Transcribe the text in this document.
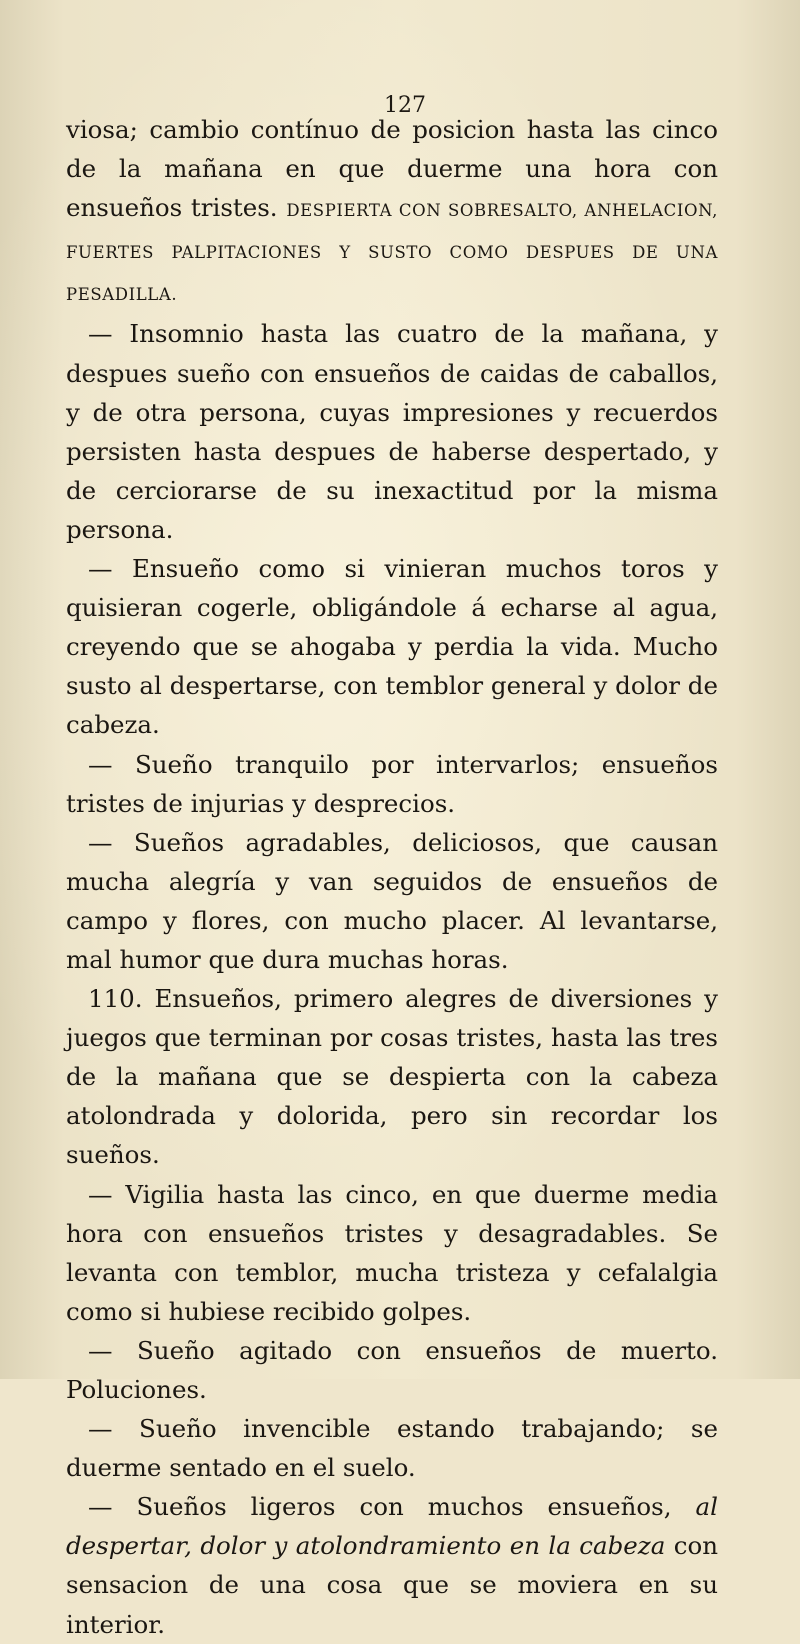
127

viosa; cambio contínuo de posicion hasta las cinco de la mañana en que duerme una hora con ensueños tristes. DESPIERTA CON SOBRESALTO, ANHELACION, FUERTES PALPITACIONES Y SUSTO COMO DESPUES DE UNA PESADILLA.

— Insomnio hasta las cuatro de la mañana, y despues sueño con ensueños de caidas de caballos, y de otra persona, cuyas impresiones y recuerdos persisten hasta despues de haberse despertado, y de cerciorarse de su inexactitud por la misma persona.

— Ensueño como si vinieran muchos toros y quisieran cogerle, obligándole á echarse al agua, creyendo que se ahogaba y perdia la vida. Mucho susto al despertarse, con temblor general y dolor de cabeza.

— Sueño tranquilo por intervarlos; ensueños tristes de injurias y desprecios.

— Sueños agradables, deliciosos, que causan mucha alegría y van seguidos de ensueños de campo y flores, con mucho placer. Al levantarse, mal humor que dura muchas horas.

110. Ensueños, primero alegres de diversiones y juegos que terminan por cosas tristes, hasta las tres de la mañana que se despierta con la cabeza atolondrada y dolorida, pero sin recordar los sueños.

— Vigilia hasta las cinco, en que duerme media hora con ensueños tristes y desagradables. Se levanta con temblor, mucha tristeza y cefalalgia como si hubiese recibido golpes.

— Sueño agitado con ensueños de muerto. Poluciones.

— Sueño invencible estando trabajando; se duerme sentado en el suelo.

— Sueños ligeros con muchos ensueños, al despertar, dolor y atolondramiento en la cabeza con sensacion de una cosa que se moviera en su interior.
